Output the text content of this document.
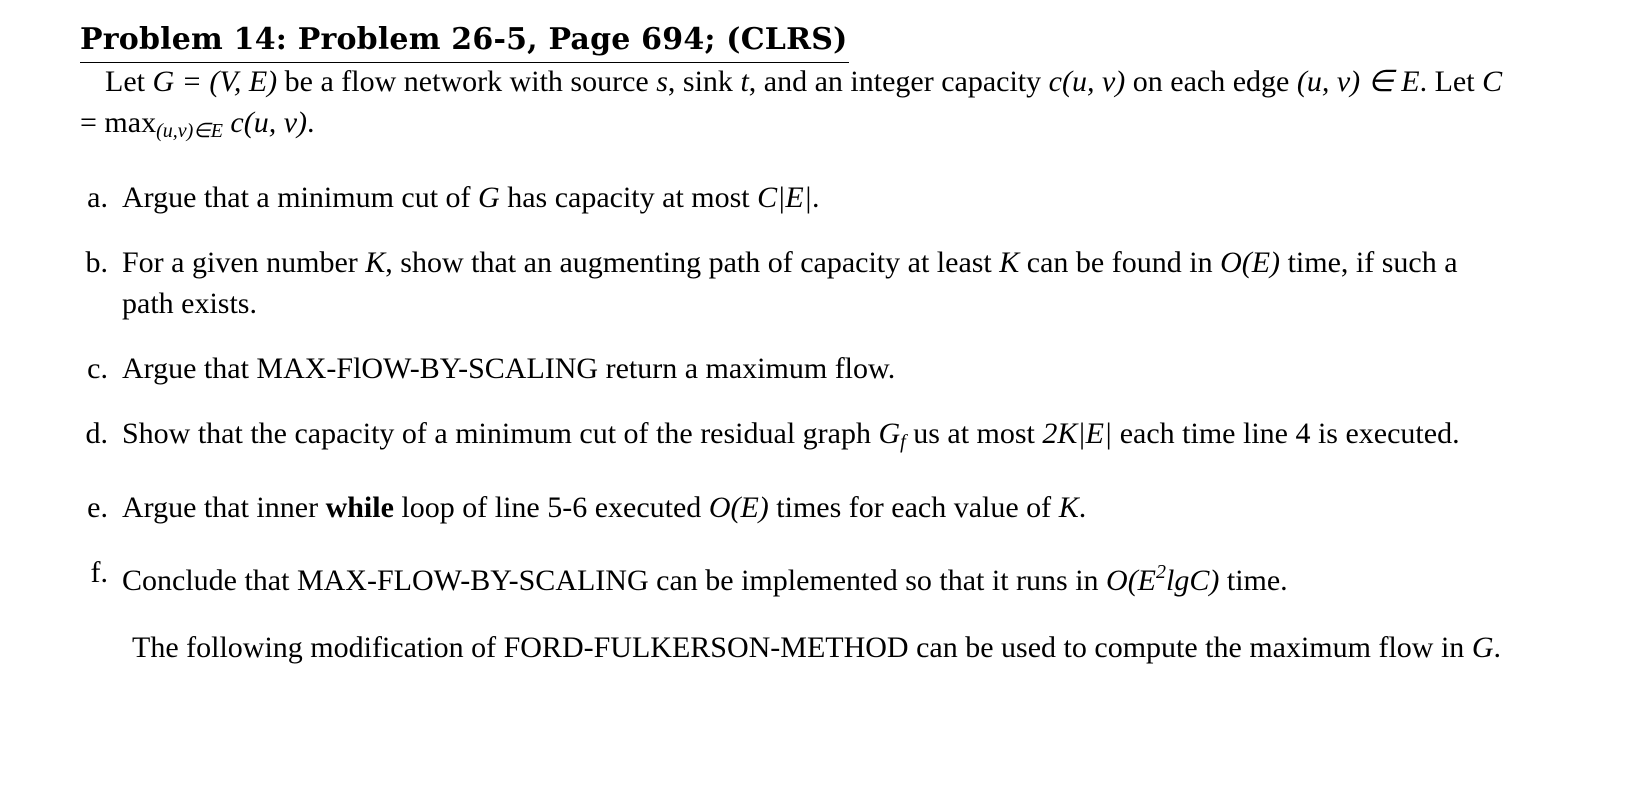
Problem 14: Problem 26-5, Page 694; (CLRS)

Let G = (V, E) be a flow network with source s, sink t, and an integer capacity c(u, v) on each edge (u, v) ∈ E. Let $C = \max_{(u,v)\in E} c(u$, v).

a. Argue that a minimum cut of G has capacity at most C|E|.
b. For a given number K, show that an augmenting path of capacity at least K can be found in O(E) time, if such a path exists.
c. Argue that MAX-FlOW-BY-SCALING return a maximum flow.
d. Show that the capacity of a minimum cut of the residual graph $G_f$ us at most 2K|E| each time line 4 is executed.
e. Argue that inner while loop of line 5-6 executed O(E) times for each value of K.
f. Conclude that MAX-FLOW-BY-SCALING can be implemented so that it runs in $O(E^2\lg C)$ time.

The following modification of FORD-FULKERSON-METHOD can be used to compute the maximum flow in G.
